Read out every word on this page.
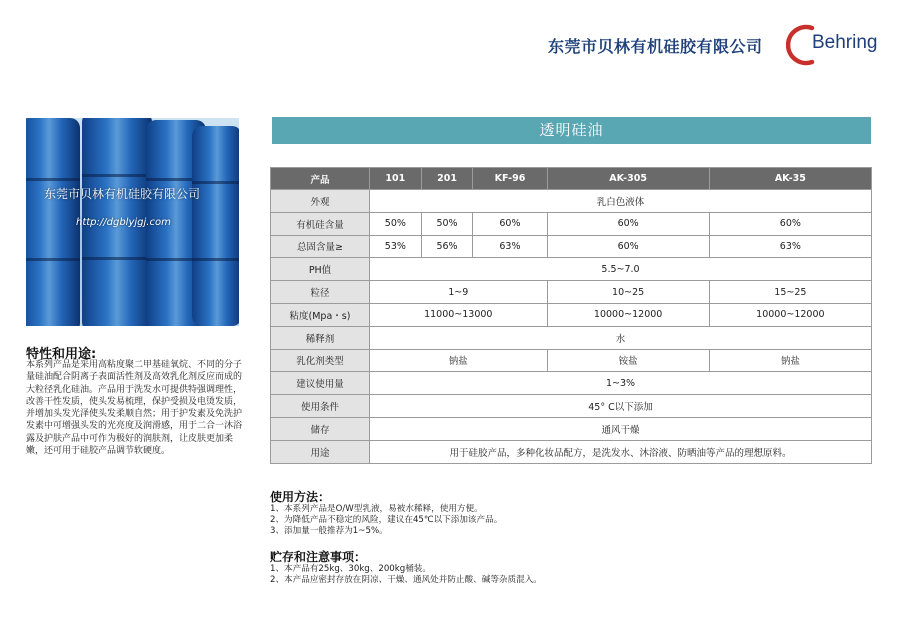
东莞市贝林有机硅胶有限公司	Behring
东莞市贝林有机硅胶有限公司
http://dgblyjgj.com
特性和用途:
本系列产品是采用高粘度聚二甲基硅氧烷、不同的分子量硅油配合阴离子表面活性剂及高效乳化剂反应而成的大粒径乳化硅油。产品用于洗发水可提供特强调理性，改善干性发质，使头发易梳理，保护受损及电烫发质，并增加头发光泽使头发柔顺自然；用于护发素及免洗护发素中可增强头发的光亮度及润滑感，用于二合一沐浴露及护肤产品中可作为极好的润肤剂，让皮肤更加柔嫩，还可用于硅胶产品调节软硬度。
透明硅油
产品	101	201	KF-96	AK-305	AK-35
外观	乳白色液体				
有机硅含量	50%	50%	60%	60%	60%
总固含量≥	53%	56%	63%	60%	63%
PH值	5.5~7.0				
粒径	1~9			10~25	15~25
粘度(Mpa・s)	11000~13000			10000~12000	10000~12000
稀释剂	水				
乳化剂类型	钠盐			铵盐	钠盐
建议使用量	1~3%				
使用条件	45° C以下添加				
储存	通风干燥				
用途	用于硅胶产品，多种化妆品配方，是洗发水、沐浴液、防晒油等产品的理想原料。				
使用方法：
1、本系列产品是O/W型乳液，易被水稀释，使用方便。
2、为降低产品不稳定的风险，建议在45℃以下添加该产品。
3、添加量一般推荐为1~5%。
贮存和注意事项：
1、本产品有25kg、30kg、200kg桶装。
2、本产品应密封存放在阴凉、干燥、通风处并防止酸、碱等杂质混入。
